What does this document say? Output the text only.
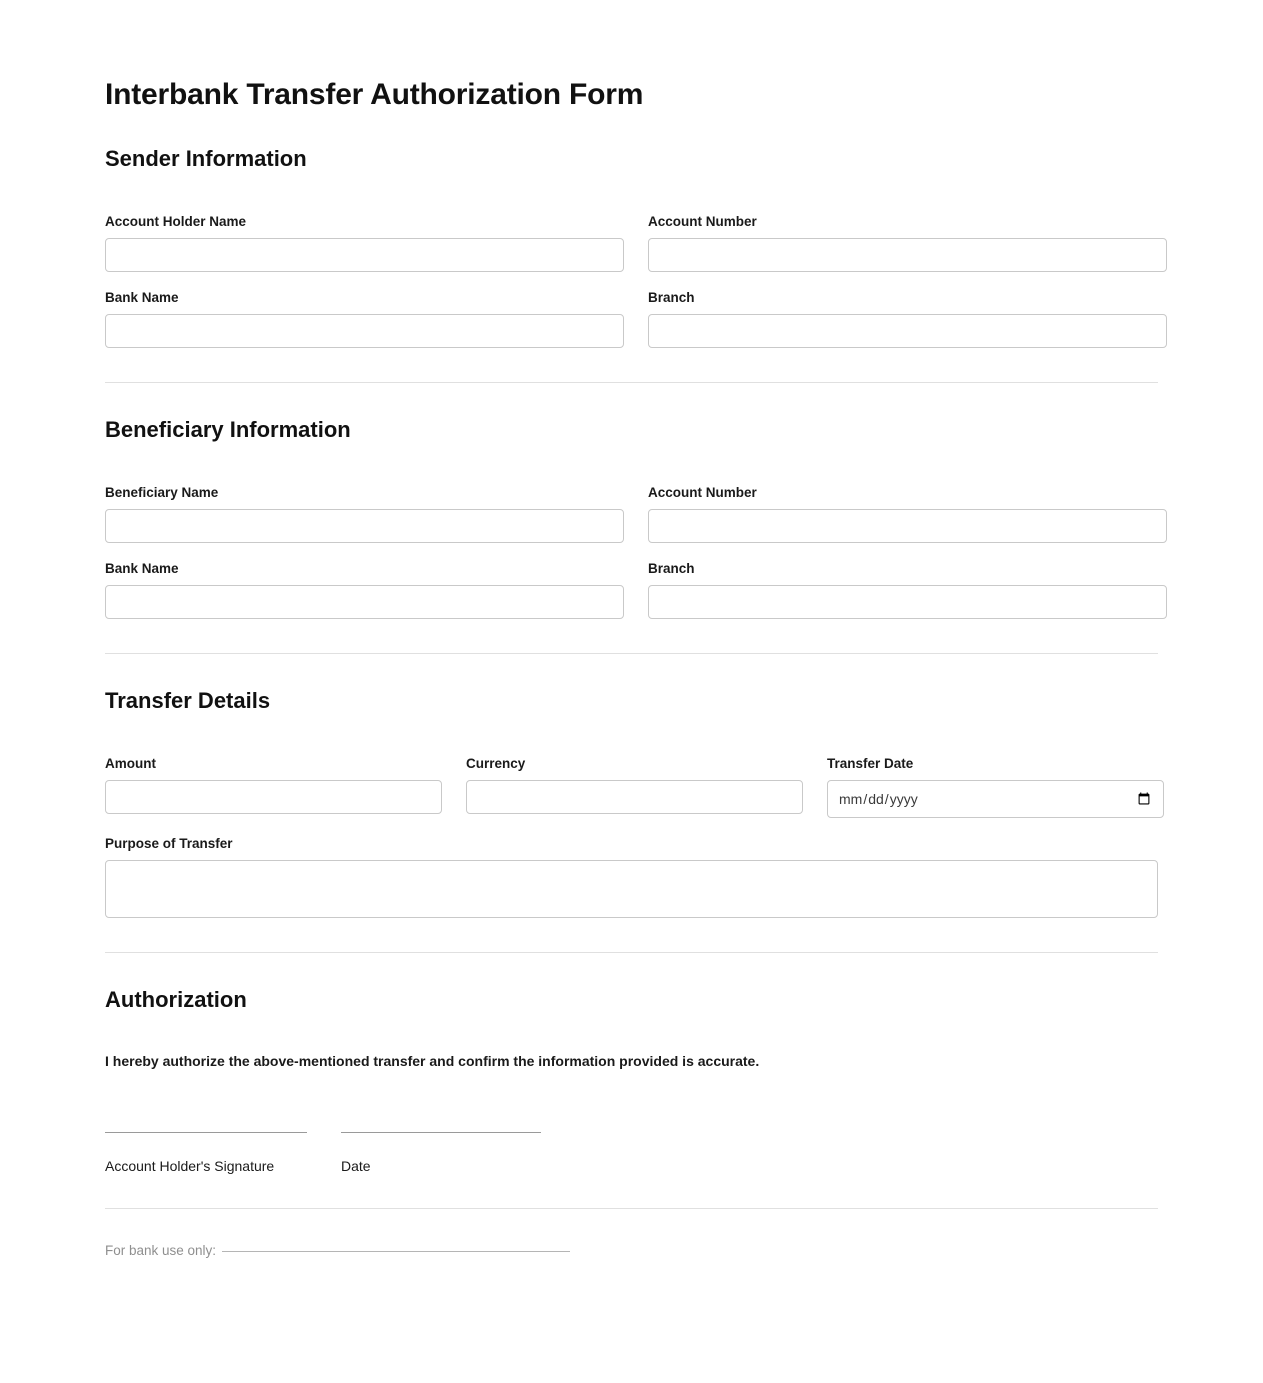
Interbank Transfer Authorization Form
Sender Information
Account Holder Name	Account Number
Bank Name	Branch
Beneficiary Information
Beneficiary Name	Account Number
Bank Name	Branch
Transfer Details
Amount	Currency	Transfer Date
Purpose of Transfer
Authorization

I hereby authorize the above-mentioned transfer and confirm the information provided is accurate.

Account Holder's Signature	Date
For bank use only:
